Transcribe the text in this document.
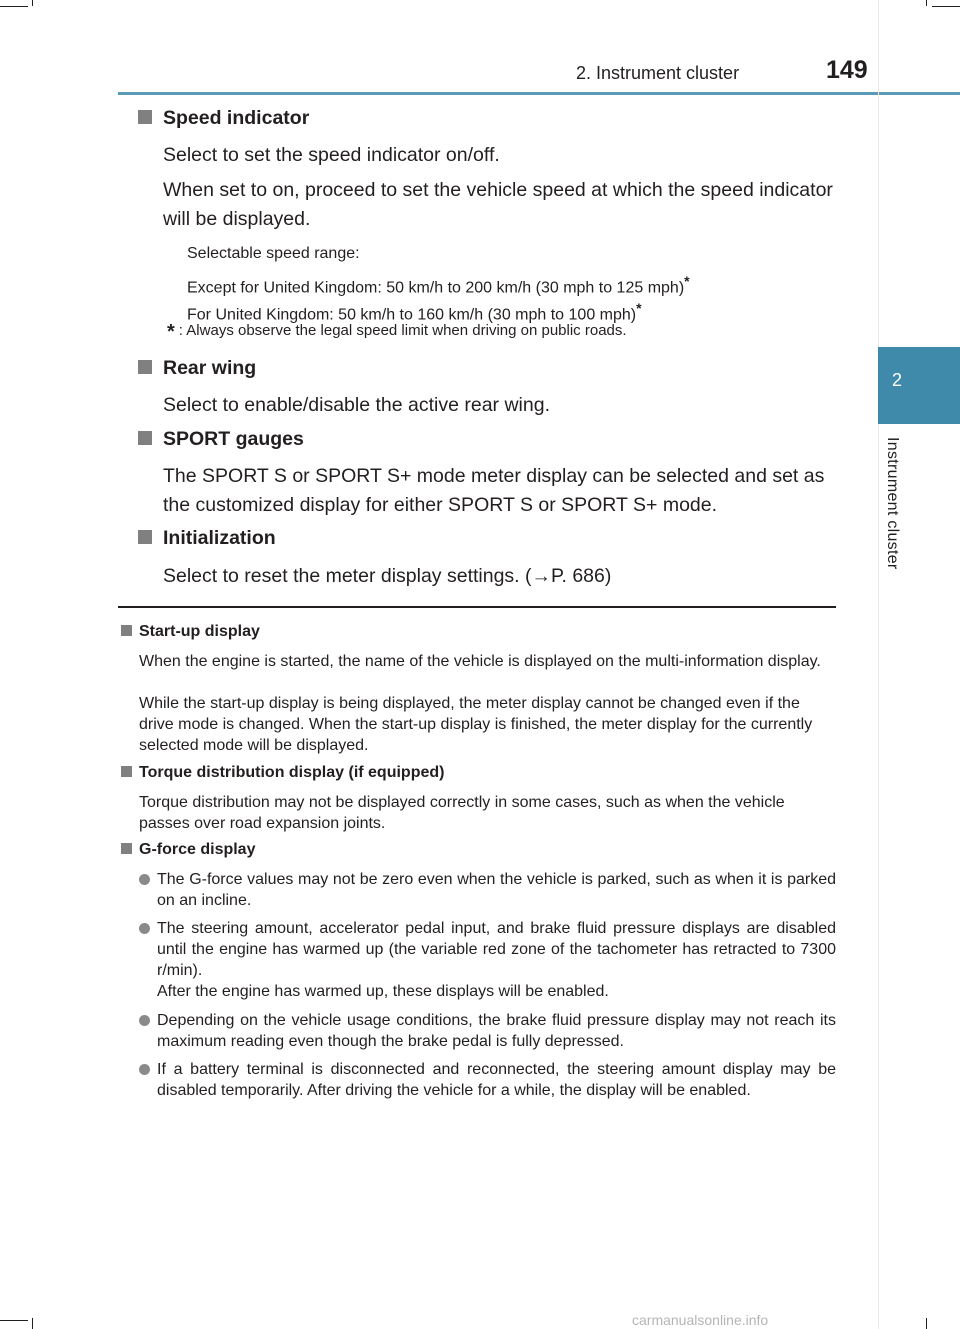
2. Instrument cluster	149
2
Instrument cluster
Speed indicator
Select to set the speed indicator on/off.
When set to on, proceed to set the vehicle speed at which the speed indicator will be displayed.
Selectable speed range:
Except for United Kingdom: 50 km/h to 200 km/h (30 mph to 125 mph)*
For United Kingdom: 50 km/h to 160 km/h (30 mph to 100 mph)*
* : Always observe the legal speed limit when driving on public roads.
Rear wing
Select to enable/disable the active rear wing.
SPORT gauges
The SPORT S or SPORT S+ mode meter display can be selected and set as the customized display for either SPORT S or SPORT S+ mode.
Initialization
Select to reset the meter display settings. (→P. 686)
Start-up display
When the engine is started, the name of the vehicle is displayed on the multi-information display.
While the start-up display is being displayed, the meter display cannot be changed even if the drive mode is changed. When the start-up display is finished, the meter display for the currently selected mode will be displayed.
Torque distribution display (if equipped)
Torque distribution may not be displayed correctly in some cases, such as when the vehicle passes over road expansion joints.
G-force display
The G-force values may not be zero even when the vehicle is parked, such as when it is parked on an incline.
The steering amount, accelerator pedal input, and brake fluid pressure displays are disabled until the engine has warmed up (the variable red zone of the tachometer has retracted to 7300 r/min).
After the engine has warmed up, these displays will be enabled.
Depending on the vehicle usage conditions, the brake fluid pressure display may not reach its maximum reading even though the brake pedal is fully depressed.
If a battery terminal is disconnected and reconnected, the steering amount display may be disabled temporarily. After driving the vehicle for a while, the display will be enabled.
carmanualsonline.info
